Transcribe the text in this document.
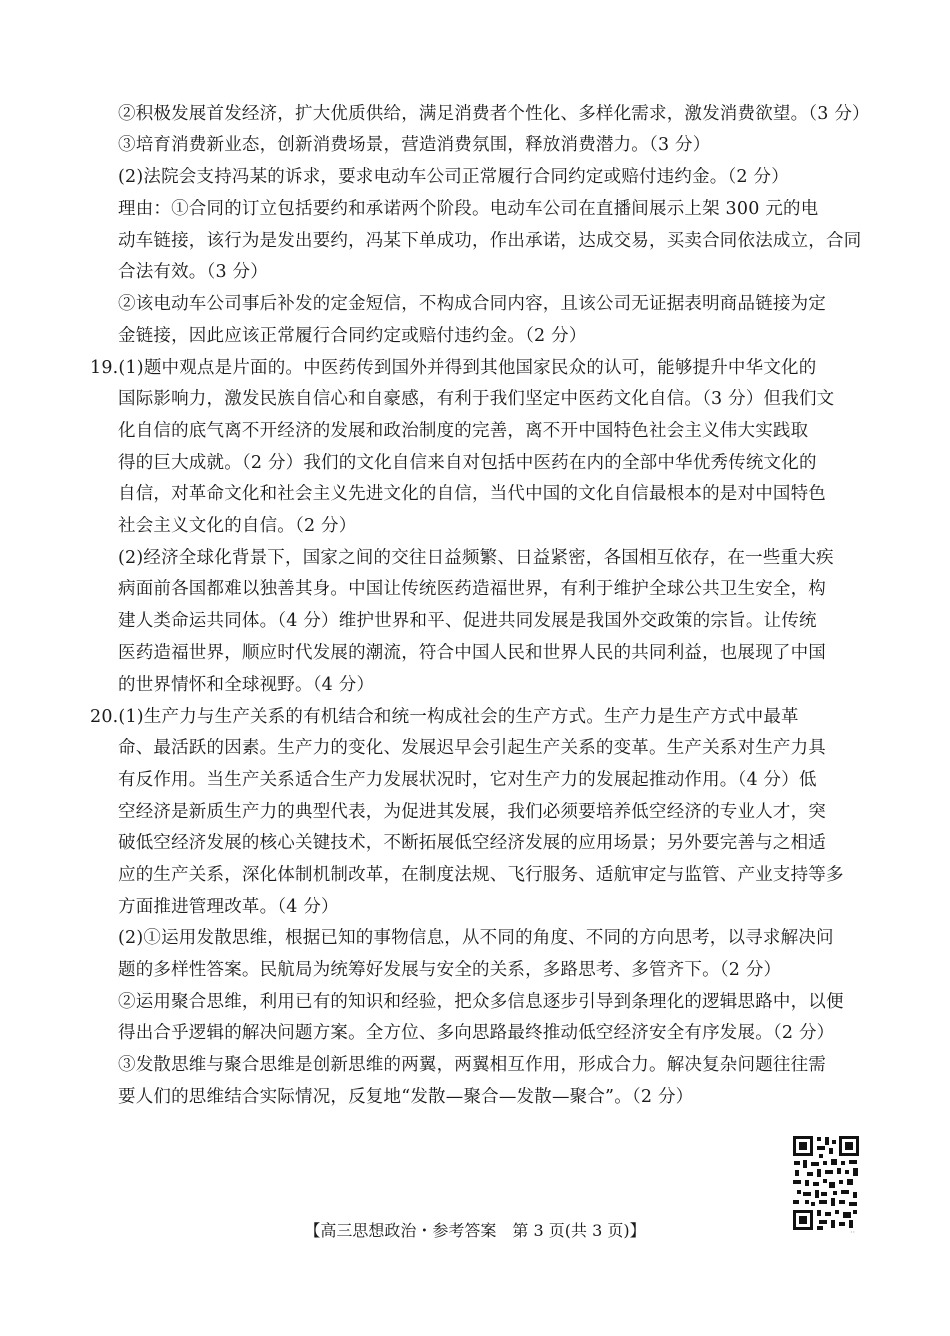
②积极发展首发经济，扩大优质供给，满足消费者个性化、多样化需求，激发消费欲望。（3 分）
③培育消费新业态，创新消费场景，营造消费氛围，释放消费潜力。（3 分）
(2)法院会支持冯某的诉求，要求电动车公司正常履行合同约定或赔付违约金。（2 分）
理由：①合同的订立包括要约和承诺两个阶段。电动车公司在直播间展示上架 300 元的电
动车链接，该行为是发出要约，冯某下单成功，作出承诺，达成交易，买卖合同依法成立，合同
合法有效。（3 分）
②该电动车公司事后补发的定金短信，不构成合同内容，且该公司无证据表明商品链接为定
金链接，因此应该正常履行合同约定或赔付违约金。（2 分）
19.(1)题中观点是片面的。中医药传到国外并得到其他国家民众的认可，能够提升中华文化的
国际影响力，激发民族自信心和自豪感，有利于我们坚定中医药文化自信。（3 分）但我们文
化自信的底气离不开经济的发展和政治制度的完善，离不开中国特色社会主义伟大实践取
得的巨大成就。（2 分）我们的文化自信来自对包括中医药在内的全部中华优秀传统文化的
自信，对革命文化和社会主义先进文化的自信，当代中国的文化自信最根本的是对中国特色
社会主义文化的自信。（2 分）
(2)经济全球化背景下，国家之间的交往日益频繁、日益紧密，各国相互依存，在一些重大疾
病面前各国都难以独善其身。中国让传统医药造福世界，有利于维护全球公共卫生安全，构
建人类命运共同体。（4 分）维护世界和平、促进共同发展是我国外交政策的宗旨。让传统
医药造福世界，顺应时代发展的潮流，符合中国人民和世界人民的共同利益，也展现了中国
的世界情怀和全球视野。（4 分）
20.(1)生产力与生产关系的有机结合和统一构成社会的生产方式。生产力是生产方式中最革
命、最活跃的因素。生产力的变化、发展迟早会引起生产关系的变革。生产关系对生产力具
有反作用。当生产关系适合生产力发展状况时，它对生产力的发展起推动作用。（4 分）低
空经济是新质生产力的典型代表，为促进其发展，我们必须要培养低空经济的专业人才，突
破低空经济发展的核心关键技术，不断拓展低空经济发展的应用场景；另外要完善与之相适
应的生产关系，深化体制机制改革，在制度法规、飞行服务、适航审定与监管、产业支持等多
方面推进管理改革。（4 分）
(2)①运用发散思维，根据已知的事物信息，从不同的角度、不同的方向思考，以寻求解决问
题的多样性答案。民航局为统筹好发展与安全的关系，多路思考、多管齐下。（2 分）
②运用聚合思维，利用已有的知识和经验，把众多信息逐步引导到条理化的逻辑思路中，以便
得出合乎逻辑的解决问题方案。全方位、多向思路最终推动低空经济安全有序发展。（2 分）
③发散思维与聚合思维是创新思维的两翼，两翼相互作用，形成合力。解决复杂问题往往需
要人们的思维结合实际情况，反复地“发散—聚合—发散—聚合”。（2 分）
【高三思想政治・参考答案　第 3 页(共 3 页)】	··
